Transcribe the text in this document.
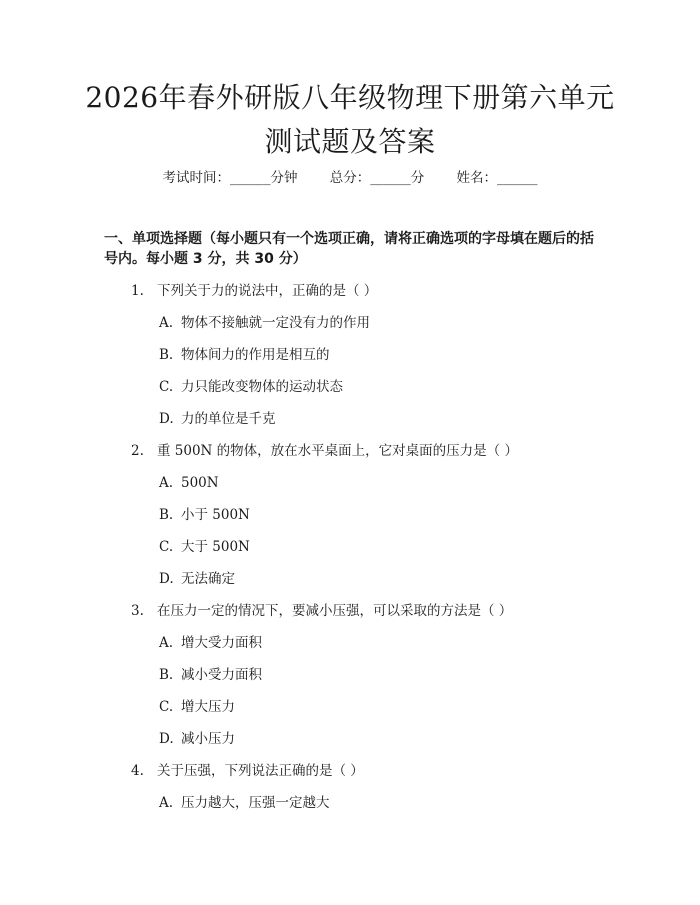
2026年春外研版八年级物理下册第六单元测试题及答案
考试时间：______分钟 总分：______分 姓名：______

一、单项选择题（每小题只有一个选项正确，请将正确选项的字母填在题后的括号内。每小题 3 分，共 30 分）

1. 下列关于力的说法中，正确的是（ ）
A. 物体不接触就一定没有力的作用
B. 物体间力的作用是相互的
C. 力只能改变物体的运动状态
D. 力的单位是千克
2. 重 500N 的物体，放在水平桌面上，它对桌面的压力是（ ）
A. 500N
B. 小于 500N
C. 大于 500N
D. 无法确定
3. 在压力一定的情况下，要减小压强，可以采取的方法是（ ）
A. 增大受力面积
B. 减小受力面积
C. 增大压力
D. 减小压力
4. 关于压强，下列说法正确的是（ ）
A. 压力越大，压强一定越大
